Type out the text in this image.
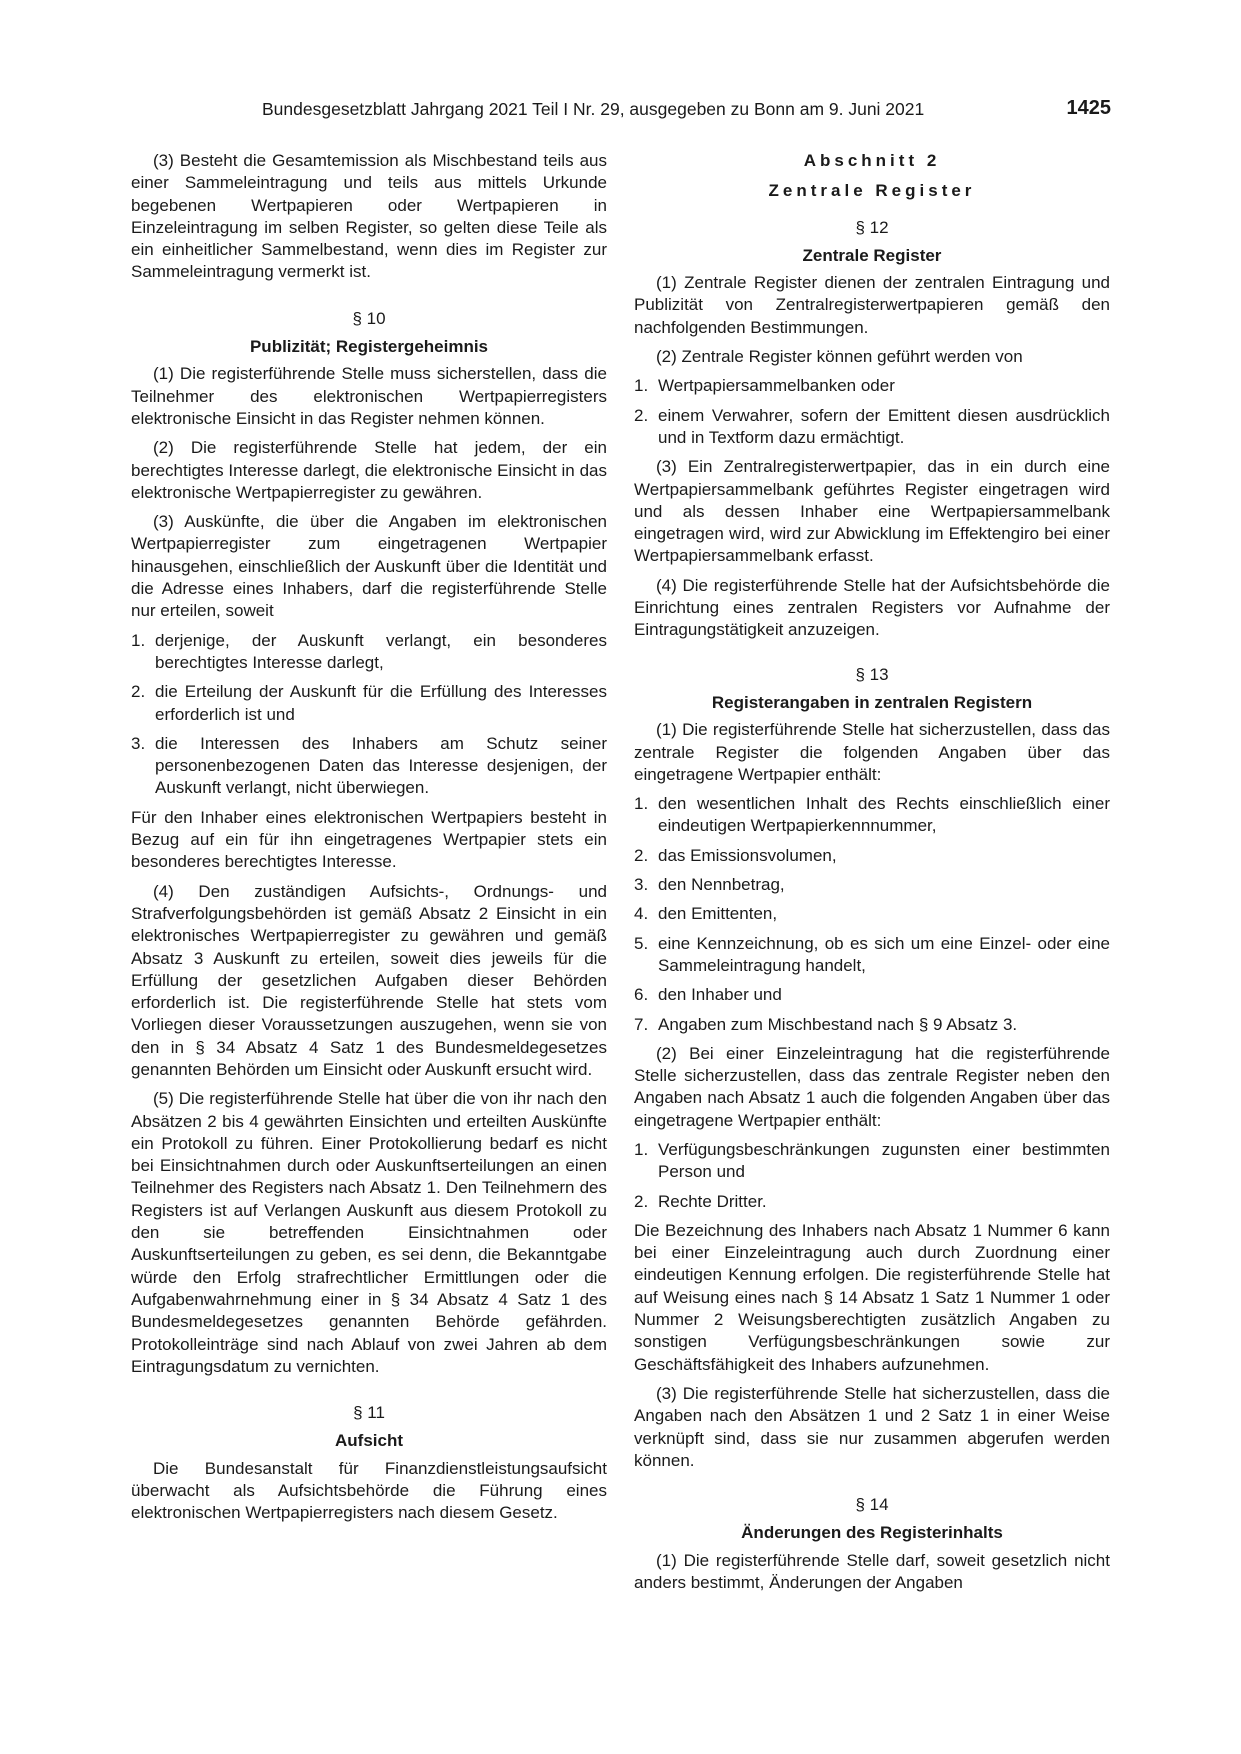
Bundesgesetzblatt Jahrgang 2021 Teil I Nr. 29, ausgegeben zu Bonn am 9. Juni 2021	1425

(3) Besteht die Gesamtemission als Mischbestand teils aus einer Sammeleintragung und teils aus mittels Urkunde begebenen Wertpapieren oder Wertpapieren in Einzeleintragung im selben Register, so gelten diese Teile als ein einheitlicher Sammelbestand, wenn dies im Register zur Sammeleintragung vermerkt ist.

§ 10
Publizität; Registergeheimnis

(1) Die registerführende Stelle muss sicherstellen, dass die Teilnehmer des elektronischen Wertpapierregisters elektronische Einsicht in das Register nehmen können.

(2) Die registerführende Stelle hat jedem, der ein berechtigtes Interesse darlegt, die elektronische Einsicht in das elektronische Wertpapierregister zu gewähren.

(3) Auskünfte, die über die Angaben im elektronischen Wertpapierregister zum eingetragenen Wertpapier hinausgehen, einschließlich der Auskunft über die Identität und die Adresse eines Inhabers, darf die registerführende Stelle nur erteilen, soweit

1. derjenige, der Auskunft verlangt, ein besonderes berechtigtes Interesse darlegt,
2. die Erteilung der Auskunft für die Erfüllung des Interesses erforderlich ist und
3. die Interessen des Inhabers am Schutz seiner personenbezogenen Daten das Interesse desjenigen, der Auskunft verlangt, nicht überwiegen.

Für den Inhaber eines elektronischen Wertpapiers besteht in Bezug auf ein für ihn eingetragenes Wertpapier stets ein besonderes berechtigtes Interesse.

(4) Den zuständigen Aufsichts-, Ordnungs- und Strafverfolgungsbehörden ist gemäß Absatz 2 Einsicht in ein elektronisches Wertpapierregister zu gewähren und gemäß Absatz 3 Auskunft zu erteilen, soweit dies jeweils für die Erfüllung der gesetzlichen Aufgaben dieser Behörden erforderlich ist. Die registerführende Stelle hat stets vom Vorliegen dieser Voraussetzungen auszugehen, wenn sie von den in § 34 Absatz 4 Satz 1 des Bundesmeldegesetzes genannten Behörden um Einsicht oder Auskunft ersucht wird.

(5) Die registerführende Stelle hat über die von ihr nach den Absätzen 2 bis 4 gewährten Einsichten und erteilten Auskünfte ein Protokoll zu führen. Einer Protokollierung bedarf es nicht bei Einsichtnahmen durch oder Auskunftserteilungen an einen Teilnehmer des Registers nach Absatz 1. Den Teilnehmern des Registers ist auf Verlangen Auskunft aus diesem Protokoll zu den sie betreffenden Einsichtnahmen oder Auskunftserteilungen zu geben, es sei denn, die Bekanntgabe würde den Erfolg strafrechtlicher Ermittlungen oder die Aufgabenwahrnehmung einer in § 34 Absatz 4 Satz 1 des Bundesmeldegesetzes genannten Behörde gefährden. Protokolleinträge sind nach Ablauf von zwei Jahren ab dem Eintragungsdatum zu vernichten.

§ 11
Aufsicht

Die Bundesanstalt für Finanzdienstleistungsaufsicht überwacht als Aufsichtsbehörde die Führung eines elektronischen Wertpapierregisters nach diesem Gesetz.

Abschnitt 2
Zentrale Register
§ 12
Zentrale Register

(1) Zentrale Register dienen der zentralen Eintragung und Publizität von Zentralregisterwertpapieren gemäß den nachfolgenden Bestimmungen.

(2) Zentrale Register können geführt werden von

1. Wertpapiersammelbanken oder
2. einem Verwahrer, sofern der Emittent diesen ausdrücklich und in Textform dazu ermächtigt.

(3) Ein Zentralregisterwertpapier, das in ein durch eine Wertpapiersammelbank geführtes Register eingetragen wird und als dessen Inhaber eine Wertpapiersammelbank eingetragen wird, wird zur Abwicklung im Effektengiro bei einer Wertpapiersammelbank erfasst.

(4) Die registerführende Stelle hat der Aufsichtsbehörde die Einrichtung eines zentralen Registers vor Aufnahme der Eintragungstätigkeit anzuzeigen.

§ 13
Registerangaben in zentralen Registern

(1) Die registerführende Stelle hat sicherzustellen, dass das zentrale Register die folgenden Angaben über das eingetragene Wertpapier enthält:

1. den wesentlichen Inhalt des Rechts einschließlich einer eindeutigen Wertpapierkennnummer,
2. das Emissionsvolumen,
3. den Nennbetrag,
4. den Emittenten,
5. eine Kennzeichnung, ob es sich um eine Einzel- oder eine Sammeleintragung handelt,
6. den Inhaber und
7. Angaben zum Mischbestand nach § 9 Absatz 3.

(2) Bei einer Einzeleintragung hat die registerführende Stelle sicherzustellen, dass das zentrale Register neben den Angaben nach Absatz 1 auch die folgenden Angaben über das eingetragene Wertpapier enthält:

1. Verfügungsbeschränkungen zugunsten einer bestimmten Person und
2. Rechte Dritter.

Die Bezeichnung des Inhabers nach Absatz 1 Nummer 6 kann bei einer Einzeleintragung auch durch Zuordnung einer eindeutigen Kennung erfolgen. Die registerführende Stelle hat auf Weisung eines nach § 14 Absatz 1 Satz 1 Nummer 1 oder Nummer 2 Weisungsberechtigten zusätzlich Angaben zu sonstigen Verfügungsbeschränkungen sowie zur Geschäftsfähigkeit des Inhabers aufzunehmen.

(3) Die registerführende Stelle hat sicherzustellen, dass die Angaben nach den Absätzen 1 und 2 Satz 1 in einer Weise verknüpft sind, dass sie nur zusammen abgerufen werden können.

§ 14
Änderungen des Registerinhalts

(1) Die registerführende Stelle darf, soweit gesetzlich nicht anders bestimmt, Änderungen der Angaben
